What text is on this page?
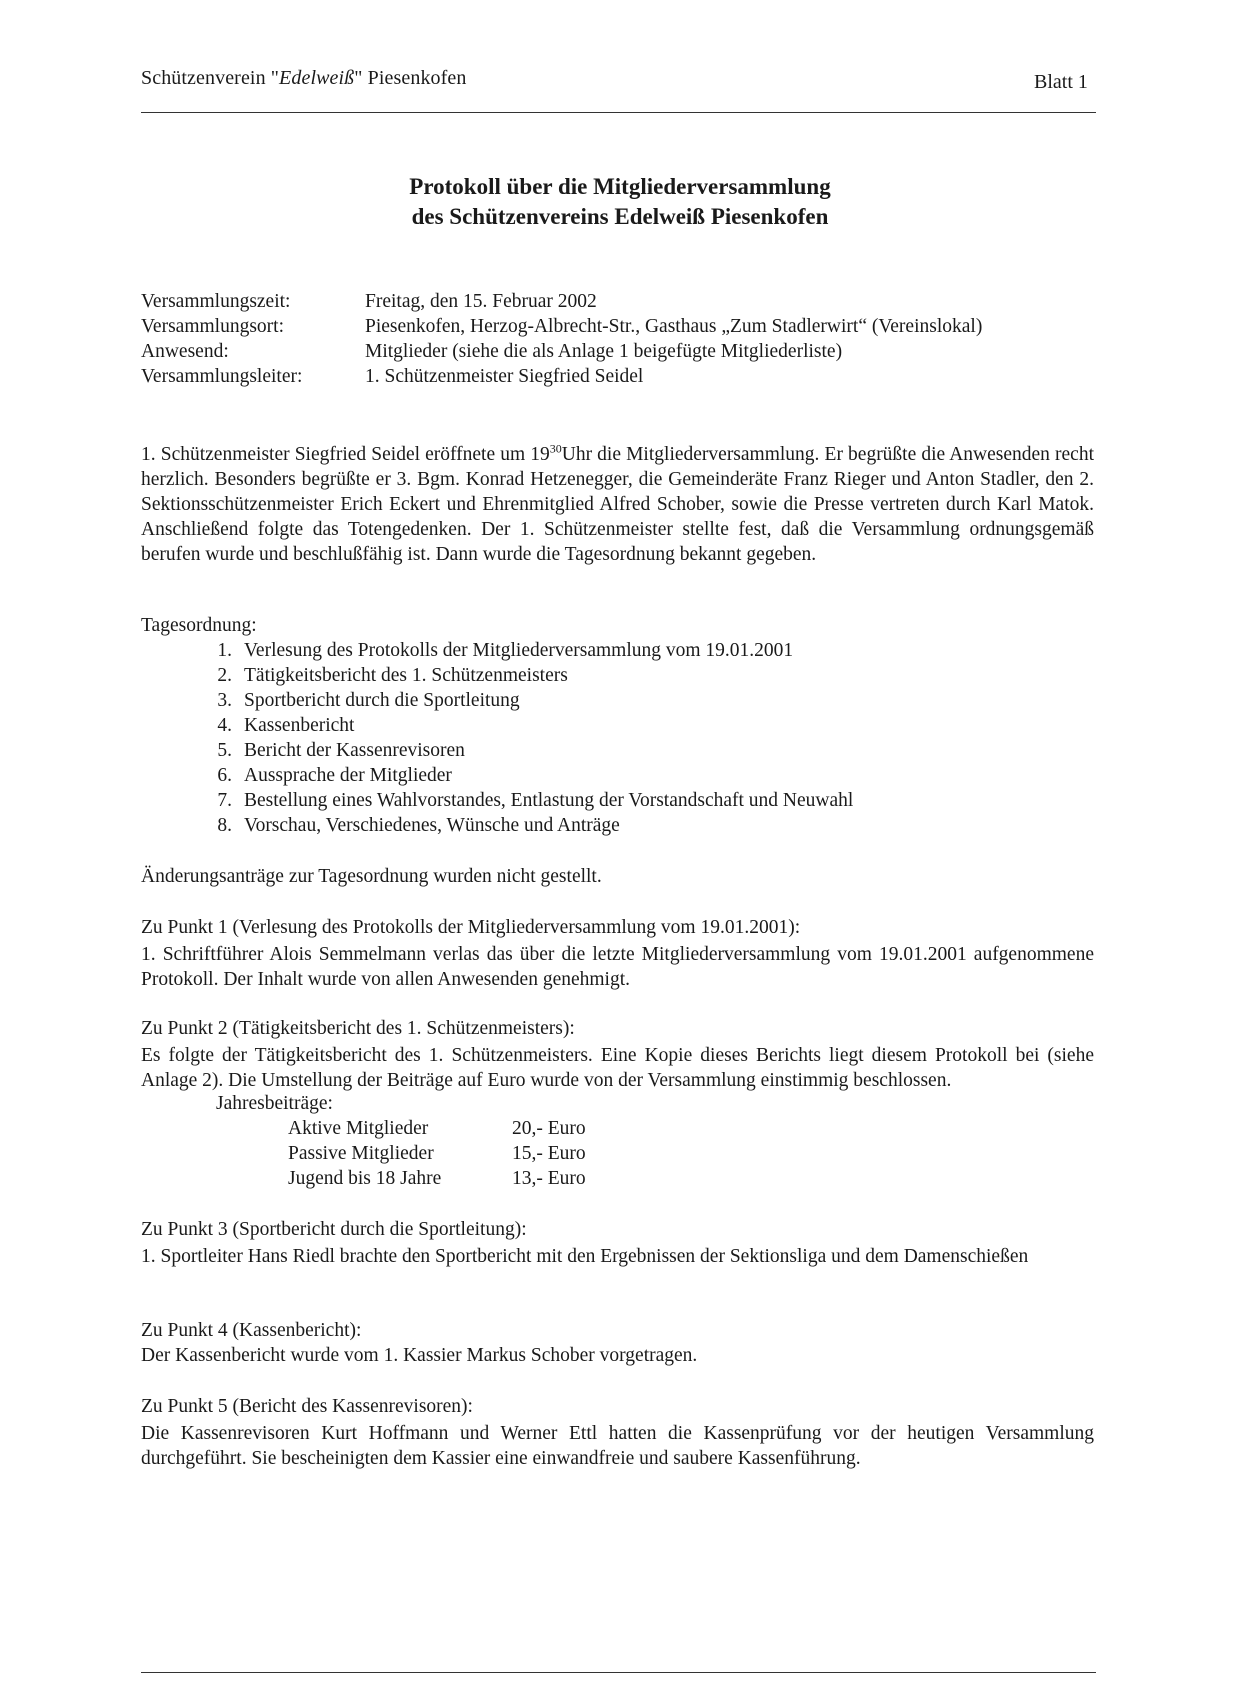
Schützenverein "Edelweiß" Piesenkofen	Blatt 1
Protokoll über die Mitgliederversammlung
des Schützenvereins Edelweiß Piesenkofen
Versammlungszeit:	Freitag, den 15. Februar 2002
Versammlungsort:	Piesenkofen, Herzog-Albrecht-Str., Gasthaus „Zum Stadlerwirt“ (Vereinslokal)
Anwesend:	Mitglieder (siehe die als Anlage 1 beigefügte Mitgliederliste)
Versammlungsleiter:	1. Schützenmeister Siegfried Seidel
1. Schützenmeister Siegfried Seidel eröffnete um $19^{30}Uhr$ die Mitgliederversammlung. Er begrüßte die Anwesenden recht herzlich. Besonders begrüßte er 3. Bgm. Konrad Hetzenegger, die Gemeinderäte Franz Rieger und Anton Stadler, den 2. Sektionsschützenmeister Erich Eckert und Ehrenmitglied Alfred Schober, sowie die Presse vertreten durch Karl Matok. Anschließend folgte das Totengedenken. Der 1. Schützenmeister stellte fest, daß die Versammlung ordnungsgemäß berufen wurde und beschlußfähig ist. Dann wurde die Tagesordnung bekannt gegeben.
Tagesordnung:
1. Verlesung des Protokolls der Mitgliederversammlung vom 19.01.2001
2. Tätigkeitsbericht des 1. Schützenmeisters
3. Sportbericht durch die Sportleitung
4. Kassenbericht
5. Bericht der Kassenrevisoren
6. Aussprache der Mitglieder
7. Bestellung eines Wahlvorstandes, Entlastung der Vorstandschaft und Neuwahl
8. Vorschau, Verschiedenes, Wünsche und Anträge
Änderungsanträge zur Tagesordnung wurden nicht gestellt.
Zu Punkt 1 (Verlesung des Protokolls der Mitgliederversammlung vom 19.01.2001):
1. Schriftführer Alois Semmelmann verlas das über die letzte Mitgliederversammlung vom 19.01.2001 aufgenommene Protokoll. Der Inhalt wurde von allen Anwesenden genehmigt.
Zu Punkt 2 (Tätigkeitsbericht des 1. Schützenmeisters):
Es folgte der Tätigkeitsbericht des 1. Schützenmeisters. Eine Kopie dieses Berichts liegt diesem Protokoll bei (siehe Anlage 2). Die Umstellung der Beiträge auf Euro wurde von der Versammlung einstimmig beschlossen.
Jahresbeiträge:
Aktive Mitglieder	20,- Euro
Passive Mitglieder	15,- Euro
Jugend bis 18 Jahre	13,- Euro
Zu Punkt 3 (Sportbericht durch die Sportleitung):
1. Sportleiter Hans Riedl brachte den Sportbericht mit den Ergebnissen der Sektionsliga und dem Damenschießen
Zu Punkt 4 (Kassenbericht):
Der Kassenbericht wurde vom 1. Kassier Markus Schober vorgetragen.
Zu Punkt 5 (Bericht des Kassenrevisoren):
Die Kassenrevisoren Kurt Hoffmann und Werner Ettl hatten die Kassenprüfung vor der heutigen Versammlung durchgeführt. Sie bescheinigten dem Kassier eine einwandfreie und saubere Kassenführung.
